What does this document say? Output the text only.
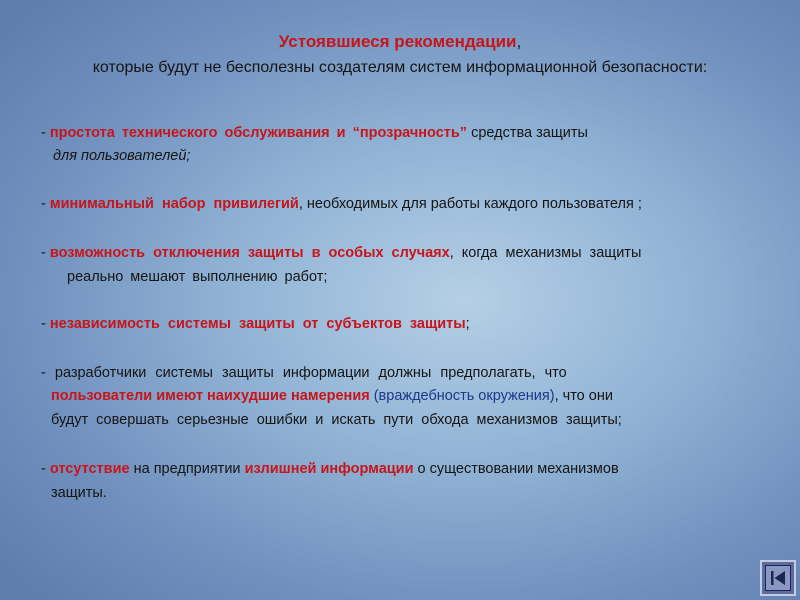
Устоявшиеся рекомендации,
которые будут не бесполезны создателям систем информационной безопасности:
- простота технического обслуживания и “прозрачность” средства защиты
для пользователей;
- минимальный набор привилегий, необходимых для работы каждого пользователя ;
- возможность отключения защиты в особых случаях, когда механизмы защиты
реально мешают выполнению работ;
- независимость системы защиты от субъектов защиты;
- разработчики системы защиты информации должны предполагать, что
пользователи имеют наихудшие намерения (враждебность окружения), что они
будут совершать серьезные ошибки и искать пути обхода механизмов защиты;
- отсутствие на предприятии излишней информации о существовании механизмов
защиты.
